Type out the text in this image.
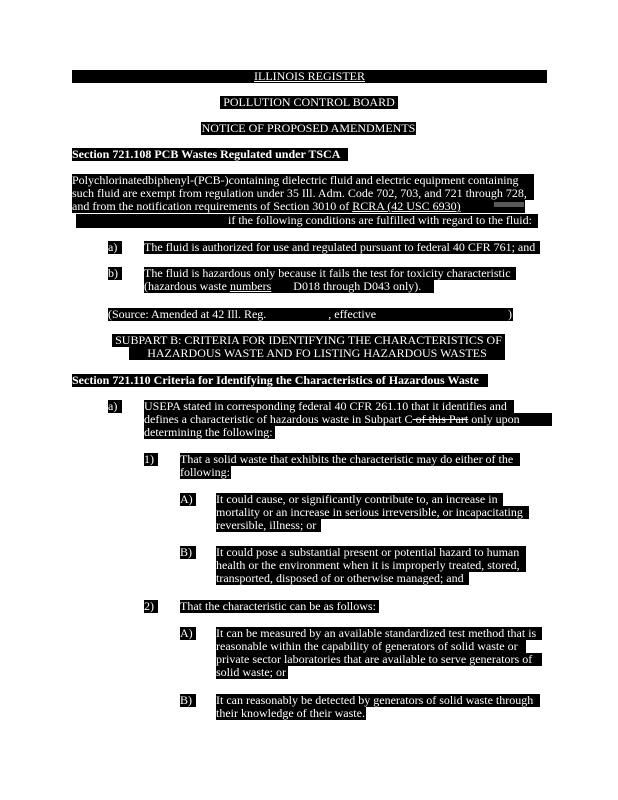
ILLINOIS REGISTER
POLLUTION CONTROL BOARD
NOTICE OF PROPOSED AMENDMENTS
Section 721.108 PCB Wastes Regulated under TSCA
Polychlorinatedbiphenyl-(PCB-)containing dielectric fluid and electric equipment containing
such fluid are exempt from regulation under 35 Ill. Adm. Code 702, 703, and 721 through 728,
and from the notification requirements of Section 3010 of RCRA (42 USC 6930)
if the following conditions are fulfilled with regard to the fluid:
a)	The fluid is authorized for use and regulated pursuant to federal 40 CFR 761; and
b)	The fluid is hazardous only because it fails the test for toxicity characteristic
(hazardous waste numbers D018 through D043 only).
(Source: Amended at 42 Ill. Reg.	, effective	)
SUBPART B: CRITERIA FOR IDENTIFYING THE CHARACTERISTICS OF
HAZARDOUS WASTE AND FO LISTING HAZARDOUS WASTES
Section 721.110 Criteria for Identifying the Characteristics of Hazardous Waste
a)	USEPA stated in corresponding federal 40 CFR 261.10 that it identifies and
defines a characteristic of hazardous waste in Subpart C of this Part only upon
determining the following:
1)	That a solid waste that exhibits the characteristic may do either of the
following:
A) It could cause, or significantly contribute to, an increase in
mortality or an increase in serious irreversible, or incapacitating
reversible, illness; or
B)	It could pose a substantial present or potential hazard to human
health or the environment when it is improperly treated, stored,
transported, disposed of or otherwise managed; and
2)	That the characteristic can be as follows:
A) It can be measured by an available standardized test method that is
reasonable within the capability of generators of solid waste or
private sector laboratories that are available to serve generators of
solid waste; or
B)	It can reasonably be detected by generators of solid waste through
their knowledge of their waste.
